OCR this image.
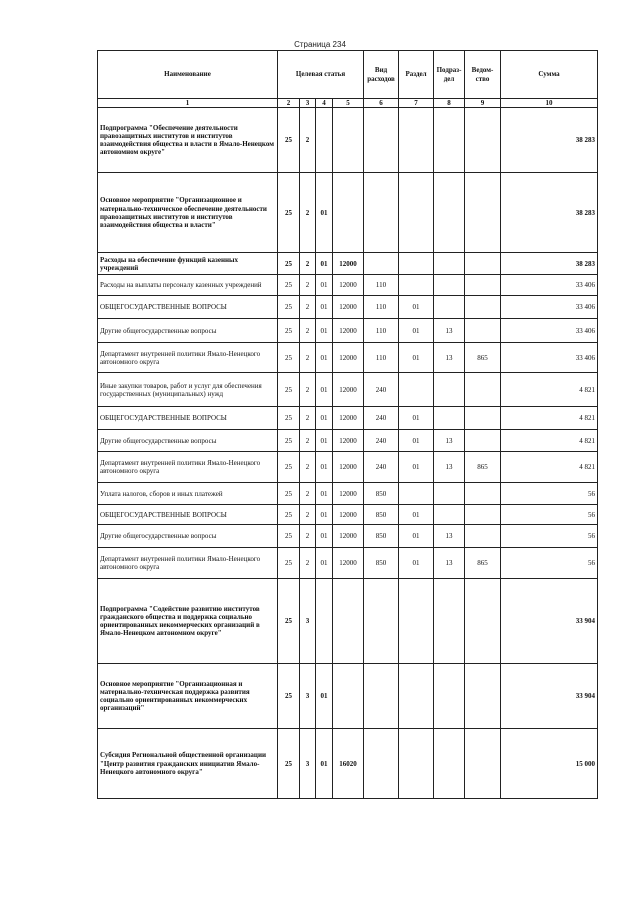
Страница 234
Наименование	Целевая статья				Вид расходов	Раздел	Подраз-дел	Ведом-ство	Сумма
1	2	3	4	5	6	7	8	9	10
Подпрограмма "Обеспечение деятельности правозащитных институтов и институтов взаимодействия общества и власти в Ямало-Ненецком автономном округе"	25	2							38 283
Основное мероприятие "Организационное и материально-техническое обеспечение деятельности правозащитных институтов и институтов взаимодействия общества и власти"	25	2	01						38 283
Расходы на обеспечение функций казенных учреждений	25	2	01	12000					38 283
Расходы на выплаты персоналу казенных учреждений	25	2	01	12000	110				33 406
ОБЩЕГОСУДАРСТВЕННЫЕ ВОПРОСЫ	25	2	01	12000	110	01			33 406
Другие общегосударственные вопросы	25	2	01	12000	110	01	13		33 406
Департамент внутренней политики Ямало-Ненецкого автономного округа	25	2	01	12000	110	01	13	865	33 406
Иные закупки товаров, работ и услуг для обеспечения государственных (муниципальных) нужд	25	2	01	12000	240				4 821
ОБЩЕГОСУДАРСТВЕННЫЕ ВОПРОСЫ	25	2	01	12000	240	01			4 821
Другие общегосударственные вопросы	25	2	01	12000	240	01	13		4 821
Департамент внутренней политики Ямало-Ненецкого автономного округа	25	2	01	12000	240	01	13	865	4 821
Уплата налогов, сборов и иных платежей	25	2	01	12000	850				56
ОБЩЕГОСУДАРСТВЕННЫЕ ВОПРОСЫ	25	2	01	12000	850	01			56
Другие общегосударственные вопросы	25	2	01	12000	850	01	13		56
Департамент внутренней политики Ямало-Ненецкого автономного округа	25	2	01	12000	850	01	13	865	56
Подпрограмма "Содействие развитию институтов гражданского общества и поддержка социально ориентированных некоммерческих организаций в Ямало-Ненецком автономном округе"	25	3							33 904
Основное мероприятие "Организационная и материально-техническая поддержка развития социально ориентированных некоммерческих организаций"	25	3	01						33 904
Субсидия Региональной общественной организации "Центр развития гражданских инициатив Ямало-Ненецкого автономного округа"	25	3	01	16020					15 000
